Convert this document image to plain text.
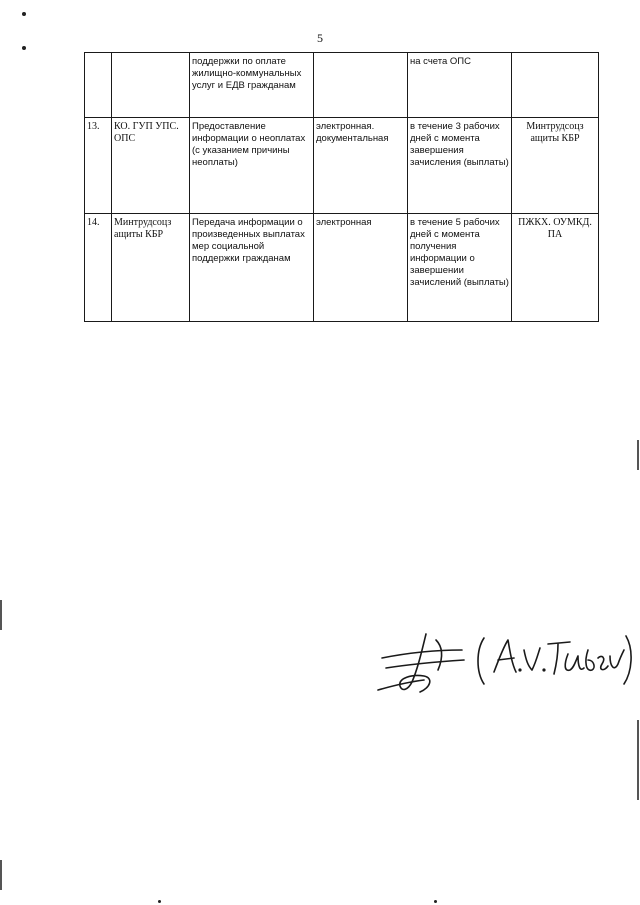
5
		поддержки по оплате жилищно-коммунальных услуг и ЕДВ гражданам		на счета ОПС	
13.	КО. ГУП УПС. ОПС	Предоставление информации о неоплатах (с указанием причины неоплаты)	электронная. документальная	в течение 3 рабочих дней с момента завершения зачисления (выплаты)	Минтрудсоцз ащиты КБР
14.	Минтрудсоцз ащиты КБР	Передача информации о произведенных выплатах мер социальной поддержки гражданам	электронная	в течение 5 рабочих дней с момента получения информации о завершении зачислений (выплаты)	ПЖКХ. ОУМКД. ПА
